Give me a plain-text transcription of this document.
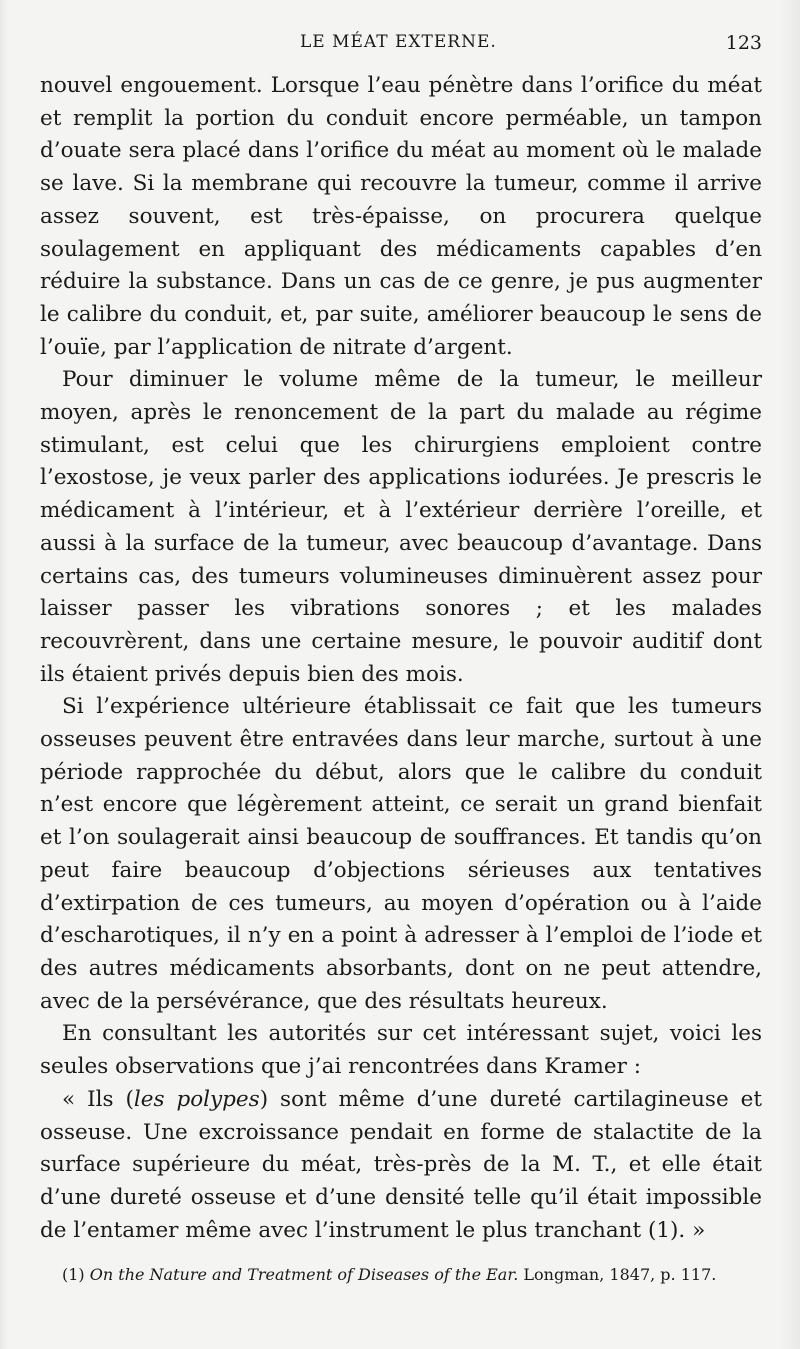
LE MÉAT EXTERNE.	123

nouvel engouement. Lorsque l’eau pénètre dans l’orifice du méat et remplit la portion du conduit encore perméable, un tampon d’ouate sera placé dans l’orifice du méat au moment où le malade se lave. Si la membrane qui recouvre la tumeur, comme il arrive assez souvent, est très-épaisse, on procurera quelque soulagement en appliquant des médicaments capables d’en réduire la substance. Dans un cas de ce genre, je pus augmenter le calibre du conduit, et, par suite, améliorer beaucoup le sens de l’ouïe, par l’application de nitrate d’argent.

Pour diminuer le volume même de la tumeur, le meilleur moyen, après le renoncement de la part du malade au régime stimulant, est celui que les chirurgiens emploient contre l’exostose, je veux parler des applications iodurées. Je prescris le médicament à l’intérieur, et à l’extérieur derrière l’oreille, et aussi à la surface de la tumeur, avec beaucoup d’avantage. Dans certains cas, des tumeurs volumineuses diminuèrent assez pour laisser passer les vibrations sonores ; et les malades recouvrèrent, dans une certaine mesure, le pouvoir auditif dont ils étaient privés depuis bien des mois.

Si l’expérience ultérieure établissait ce fait que les tumeurs osseuses peuvent être entravées dans leur marche, surtout à une période rapprochée du début, alors que le calibre du conduit n’est encore que légèrement atteint, ce serait un grand bienfait et l’on soulagerait ainsi beaucoup de souffrances. Et tandis qu’on peut faire beaucoup d’objections sérieuses aux tentatives d’extirpation de ces tumeurs, au moyen d’opération ou à l’aide d’escharotiques, il n’y en a point à adresser à l’emploi de l’iode et des autres médicaments absorbants, dont on ne peut attendre, avec de la persévérance, que des résultats heureux.

En consultant les autorités sur cet intéressant sujet, voici les seules observations que j’ai rencontrées dans Kramer :

« Ils (les polypes) sont même d’une dureté cartilagineuse et osseuse. Une excroissance pendait en forme de stalactite de la surface supérieure du méat, très-près de la M. T., et elle était d’une dureté osseuse et d’une densité telle qu’il était impossible de l’entamer même avec l’instrument le plus tranchant (1). »

(1) On the Nature and Treatment of Diseases of the Ear. Longman, 1847, p. 117.
